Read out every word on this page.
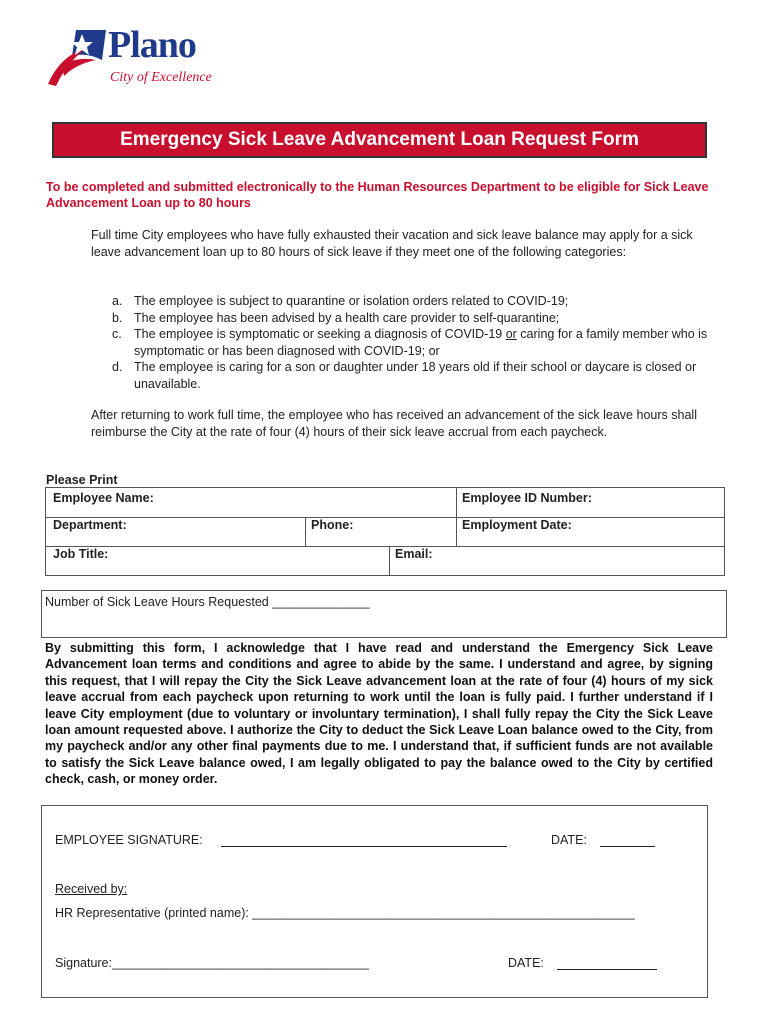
Plano
City of Excellence
Emergency Sick Leave Advancement Loan Request Form
To be completed and submitted electronically to the Human Resources Department to be eligible for Sick Leave Advancement Loan up to 80 hours
Full time City employees who have fully exhausted their vacation and sick leave balance may apply for a sick leave advancement loan up to 80 hours of sick leave if they meet one of the following categories:
a. The employee is subject to quarantine or isolation orders related to COVID-19;
b. The employee has been advised by a health care provider to self-quarantine;
c. The employee is symptomatic or seeking a diagnosis of COVID-19 or caring for a family member who is symptomatic or has been diagnosed with COVID-19; or
d. The employee is caring for a son or daughter under 18 years old if their school or daycare is closed or unavailable.
After returning to work full time, the employee who has received an advancement of the sick leave hours shall reimburse the City at the rate of four (4) hours of their sick leave accrual from each paycheck.
Please Print
Employee Name:	Employee ID Number:
Department:	Phone:	Employment Date:
Job Title:	Email:
Number of Sick Leave Hours Requested ______________
By submitting this form, I acknowledge that I have read and understand the Emergency Sick Leave Advancement loan terms and conditions and agree to abide by the same. I understand and agree, by signing this request, that I will repay the City the Sick Leave advancement loan at the rate of four (4) hours of my sick leave accrual from each paycheck upon returning to work until the loan is fully paid. I further understand if I leave City employment (due to voluntary or involuntary termination), I shall fully repay the City the Sick Leave loan amount requested above. I authorize the City to deduct the Sick Leave Loan balance owed to the City, from my paycheck and/or any other final payments due to me. I understand that, if sufficient funds are not available to satisfy the Sick Leave balance owed, I am legally obligated to pay the balance owed to the City by certified check, cash, or money order.
EMPLOYEE SIGNATURE:	DATE:
Received by:
HR Representative (printed name): _______________________________________________________
Signature:_____________________________________	DATE:
